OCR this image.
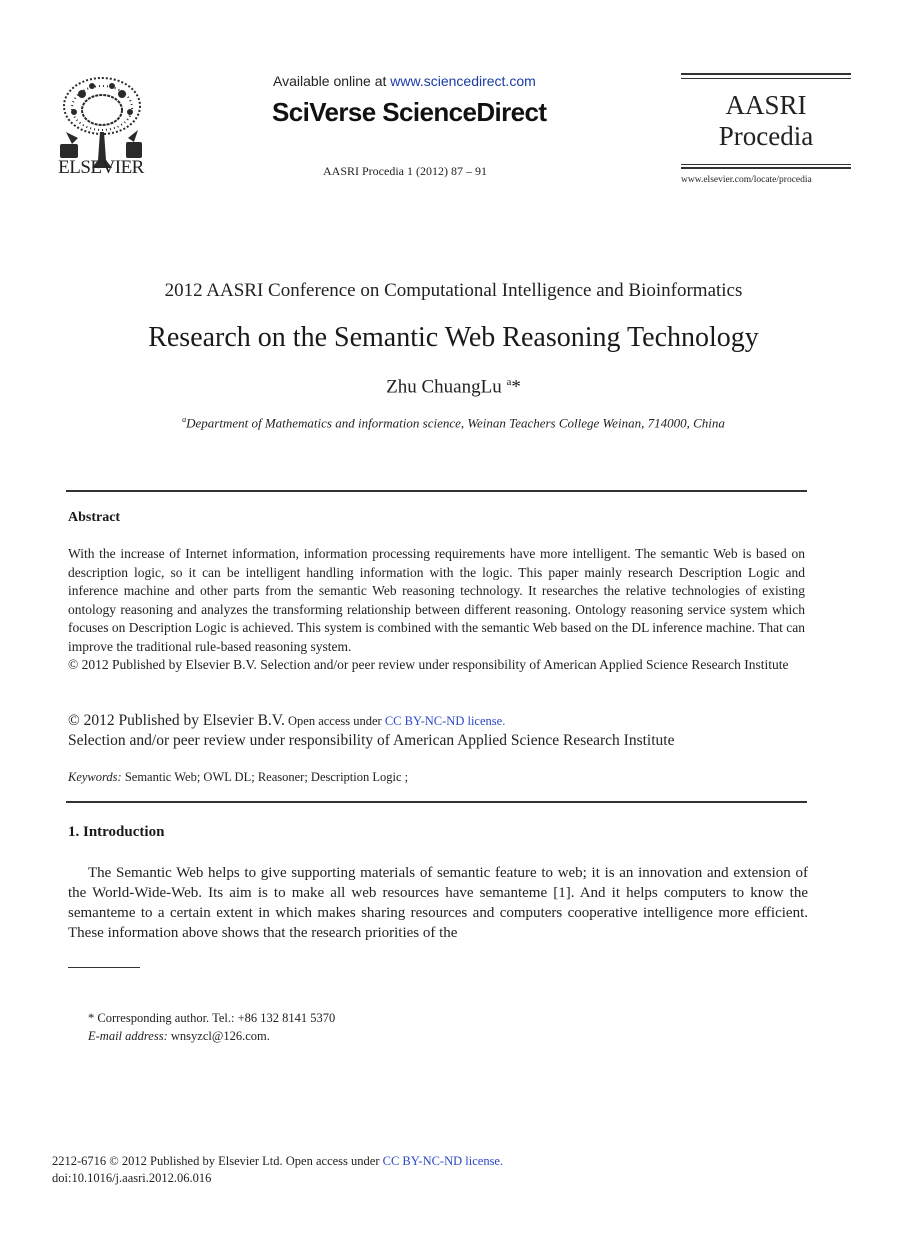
ELSEVIER
Available online at www.sciencedirect.com
SciVerse ScienceDirect
AASRI Procedia 1 (2012) 87 – 91
AASRI
Procedia
www.elsevier.com/locate/procedia
2012 AASRI Conference on Computational Intelligence and Bioinformatics
Research on the Semantic Web Reasoning Technology
Zhu ChuangLu $^a$*
$^a$Department of Mathematics and information science, Weinan Teachers College Weinan, 714000, China
Abstract
With the increase of Internet information, information processing requirements have more intelligent. The semantic Web is based on description logic, so it can be intelligent handling information with the logic. This paper mainly research Description Logic and inference machine and other parts from the semantic Web reasoning technology. It researches the relative technologies of existing ontology reasoning and analyzes the transforming relationship between different reasoning. Ontology reasoning service system which focuses on Description Logic is achieved. This system is combined with the semantic Web based on the DL inference machine. That can improve the traditional rule-based reasoning system.
© 2012 Published by Elsevier B.V. Selection and/or peer review under responsibility of American Applied Science Research Institute
© 2012 Published by Elsevier B.V. Open access under CC BY-NC-ND license.
Selection and/or peer review under responsibility of American Applied Science Research Institute
Keywords: Semantic Web; OWL DL; Reasoner; Description Logic ;
1. Introduction
The Semantic Web helps to give supporting materials of semantic feature to web; it is an innovation and extension of the World-Wide-Web. Its aim is to make all web resources have semanteme [1]. And it helps computers to know the semanteme to a certain extent in which makes sharing resources and computers cooperative intelligence more efficient. These information above shows that the research priorities of the
* Corresponding author. Tel.: +86 132 8141 5370
E-mail address: wnsyzcl@126.com.
2212-6716 © 2012 Published by Elsevier Ltd. Open access under CC BY-NC-ND license.
doi:10.1016/j.aasri.2012.06.016
